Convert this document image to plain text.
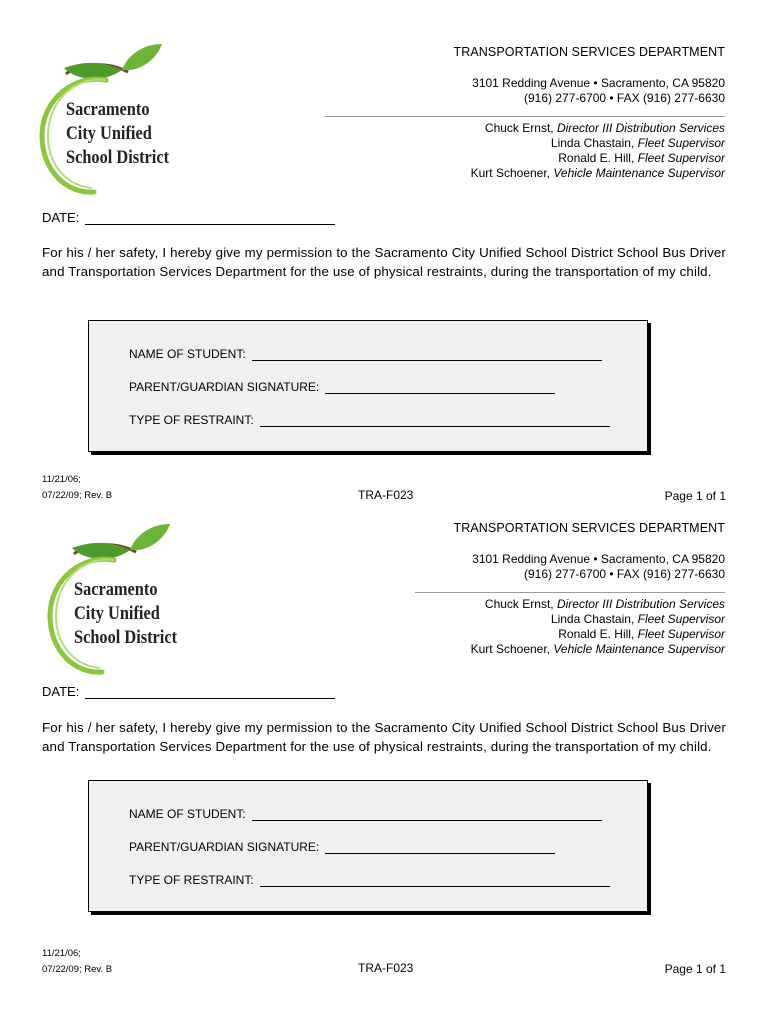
Sacramento
City Unified
School District
TRANSPORTATION SERVICES DEPARTMENT
3101 Redding Avenue • Sacramento, CA 95820
(916) 277-6700 • FAX (916) 277-6630
Chuck Ernst, Director III Distribution Services
Linda Chastain, Fleet Supervisor
Ronald E. Hill, Fleet Supervisor
Kurt Schoener, Vehicle Maintenance Supervisor
DATE:
For his / her safety, I hereby give my permission to the Sacramento City Unified School District School Bus Driver and Transportation Services Department for the use of physical restraints, during the transportation of my child.
NAME OF STUDENT:
PARENT/GUARDIAN SIGNATURE:
TYPE OF RESTRAINT:
11/21/06;
07/22/09; Rev. B	TRA-F023	Page 1 of 1
Sacramento
City Unified
School District
TRANSPORTATION SERVICES DEPARTMENT
3101 Redding Avenue • Sacramento, CA 95820
(916) 277-6700 • FAX (916) 277-6630
Chuck Ernst, Director III Distribution Services
Linda Chastain, Fleet Supervisor
Ronald E. Hill, Fleet Supervisor
Kurt Schoener, Vehicle Maintenance Supervisor
DATE:
For his / her safety, I hereby give my permission to the Sacramento City Unified School District School Bus Driver and Transportation Services Department for the use of physical restraints, during the transportation of my child.
NAME OF STUDENT:
PARENT/GUARDIAN SIGNATURE:
TYPE OF RESTRAINT:
11/21/06;
07/22/09; Rev. B	TRA-F023	Page 1 of 1
